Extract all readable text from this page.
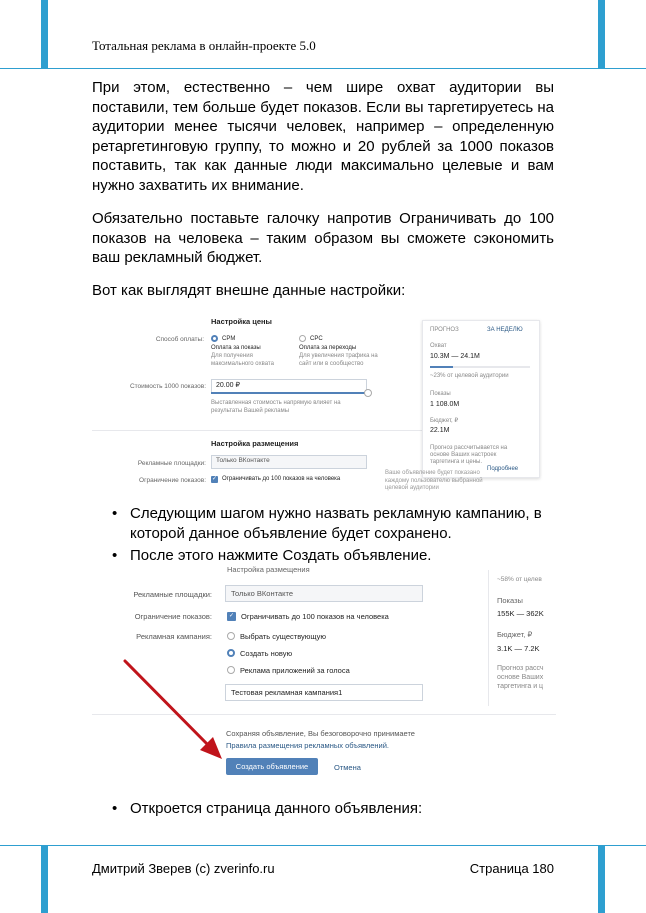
Тотальная реклама в онлайн-проекте 5.0

При этом, естественно – чем шире охват аудитории вы поставили, тем больше будет показов. Если вы таргетируетесь на аудитории менее тысячи человек, например – определенную ретаргетинговую группу, то можно и 20 рублей за 1000 показов поставить, так как данные люди максимально целевые и вам нужно захватить их внимание.

Обязательно поставьте галочку напротив Ограничивать до 100 показов на человека – таким образом вы сможете сэкономить ваш рекламный бюджет.

Вот как выглядят внешне данные настройки:

Настройка цены
Способ оплаты:	CPM
Оплата за показы
Для получения максимального охвата
CPC
Оплата за переходы
Для увеличения трафика на сайт или в сообщество
Стоимость 1000 показов:	20.00 ₽
Выставленная стоимость напрямую влияет на результаты Вашей рекламы
Настройка размещения
Рекламные площадки:	Только ВКонтакте
Ограничение показов: ✓ Ограничивать до 100 показов на человека
ПРОГНОЗ	ЗА НЕДЕЛЮ
Охват
10.3M — 24.1M
~23% от целевой аудитории
Показы
1 108.0M
Бюджет, ₽
22.1M
Прогноз рассчитывается на основе Ваших настроек таргетинга и цены.
Подробнее
Ваше объявление будет показано каждому пользователю выбранной целевой аудитории
• Следующим шагом нужно назвать рекламную кампанию, в которой данное объявление будет сохранено.
• После этого нажмите Создать объявление.
Настройка размещения
Рекламные площадки:	Только ВКонтакте
Ограничение показов:	✓ Ограничивать до 100 показов на человека
Рекламная кампания:	Выбрать существующую
Создать новую
Реклама приложений за голоса
Тестовая рекламная кампания1
~58% от целев
Показы
155K — 362K
Бюджет, ₽
3.1K — 7.2K
Прогноз рассч основе Ваших таргетинга и ц
Сохраняя объявление, Вы безоговорочно принимаете
Правила размещения рекламных объявлений.
Создать объявление	Отмена
• Откроется страница данного объявления:
Дмитрий Зверев (c) zverinfo.ru	Страница 180
